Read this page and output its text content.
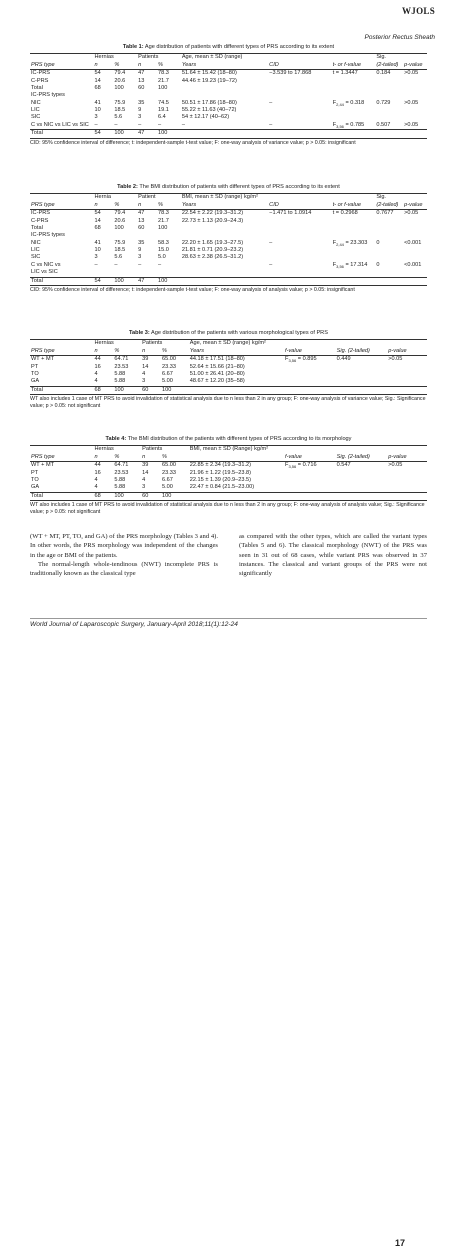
WJOLS
Posterior Rectus Sheath
Table 1: Age distribution of patients with different types of PRS according to its extent
	Hernias		Patients		Age, mean ± SD (range)			Sig.	
PRS type	n	%	n	%	Years	CID	t- or f-value	(2-tailed)	p-value
IC-PRS	54	79.4	47	78.3	51.64 ± 15.42 (18–80)	−3.539 to 17.868	t = 1.3447	0.184	>0.05
C-PRS	14	20.6	13	21.7	44.46 ± 19.23 (19–72)				
Total	68	100	60	100					
IC-PRS types									
NIC	41	75.9	35	74.5	50.51 ± 17.86 (18–80)	–	$F_{2,44} = 0.318$	0.729	>0.05
LIC	10	18.5	9	19.1	55.22 ± 11.63 (40–72)				
SIC	3	5.6	3	6.4	54 ± 12.17 (40–62)				
C vs NIC vs LIC vs SIC	–	–	–	–	–	–	$F_{3,56} = 0.785$	0.507	>0.05
Total	54	100	47	100					
CID: 95% confidence interval of difference; t: independent-sample t-test value; F: one-way analysis of variance value; p > 0.05: insignificant
Table 2: The BMI distribution of patients with different types of PRS according to its extent
	Hernia		Patient		BMI, mean ± SD (range) kg/m²			Sig.	
PRS type	n	%	n	%	Years	CID	t- or f-value	(2-tailed)	p-value
IC-PRS	54	79.4	47	78.3	22.54 ± 2.22 (19.3–31.2)	−1.471 to 1.0914	t = 0.2968	0.7677	>0.05
C-PRS	14	20.6	13	21.7	22.73 ± 1.13 (20.9–24.3)				
Total	68	100	60	100					
IC-PRS types									
NIC	41	75.9	35	58.3	22.20 ± 1.65 (19.3–27.5)	–	$F_{2,44} = 23.303$	0	<0.001
LIC	10	18.5	9	15.0	21.81 ± 0.71 (20.9–23.2)				
SIC	3	5.6	3	5.0	28.63 ± 2.38 (26.5–31.2)				
C vs NIC vs	–	–	–	–		–	$F_{3,56} = 17.314$	0	<0.001
LIC vs SIC									
Total	54	100	47	100					
CID: 95% confidence interval of difference; t: independent-sample t-test value; F: one-way analysis of analysis value; p > 0.05: insignificant
Table 3: Age distribution of the patients with various morphological types of PRS
	Hernias		Patients		Age, mean ± SD (range) kg/m²			
PRS type	n	%	n	%	Years	f-value	Sig. (2-tailed)	p-value
WT + MT	44	64.71	39	65.00	44.18 ± 17.51 (18–80)	$F_{3,56} = 0.895$	0.449	>0.05
PT	16	23.53	14	23.33	52.64 ± 15.66 (21–80)			
TO	4	5.88	4	6.67	51.00 ± 26.41 (20–80)			
GA	4	5.88	3	5.00	48.67 ± 12.20 (35–58)			
Total	68	100	60	100				
WT also includes 1 case of MT PRS to avoid invalidation of statistical analysis due to n less than 2 in any group; F: one-way analysis of variance value; Sig.: Significance value; p > 0.05: not significant
Table 4: The BMI distribution of the patients with different types of PRS according to its morphology
	Hernias		Patients		BMI, mean ± SD (Range) kg/m²			
PRS type	n	%	n	%		f-value	Sig. (2-tailed)	p-value
WT + MT	44	64.71	39	65.00	22.85 ± 2.34 (19.3–31.2)	$F_{3,56} = 0.716$	0.547	>0.05
PT	16	23.53	14	23.33	21.96 ± 1.22 (19.5–23.8)			
TO	4	5.88	4	6.67	22.15 ± 1.39 (20.9–23.5)			
GA	4	5.88	3	5.00	22.47 ± 0.84 (21.5–23.00)			
Total	68	100	60	100				
WT also includes 1 case of MT PRS to avoid invalidation of statistical analysis due to n less than 2 in any group; F: one-way analysis of analysis value; Sig.: Significance value; p > 0.05: not significant

(WT + MT, PT, TO, and GA) of the PRS morphology (Tables 3 and 4). In other words, the PRS morphology was independent of the changes in the age or BMI of the patients.

The normal-length whole-tendinous (NWT) incomplete PRS is traditionally known as the classical type

as compared with the other types, which are called the variant types (Tables 5 and 6). The classical morphology (NWT) of the PRS was seen in 31 out of 68 cases, while variant PRS was observed in 37 instances. The classical and variant groups of the PRS were not significantly

World Journal of Laparoscopic Surgery, January-April 2018;11(1):12-24
17
